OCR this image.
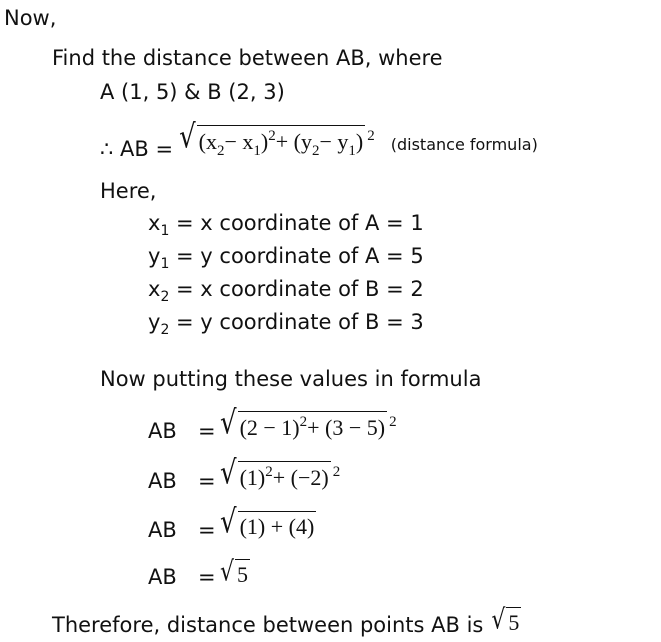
Now,
Find the distance between AB, where
A (1, 5) & B (2, 3)
∴ AB = √ $(x_2- x_1)^2+ (y_2- y_1)$ $^2$ (distance formula)
Here,
$x_1 = x$ coordinate of A = 1
$y_1 = y$ coordinate of A = 5
$x_2 = x$ coordinate of B = 2
$y_2 = y$ coordinate of B = 3
Now putting these values in formula
AB	= √ $(2 - 1)^2+ (3 - 5)$ $^2$
AB	= √ $(1)^2+ (-2)$ $^2$
AB	= √ (1) + (4)
AB	= √ 5
Therefore, distance between points AB is √ 5
